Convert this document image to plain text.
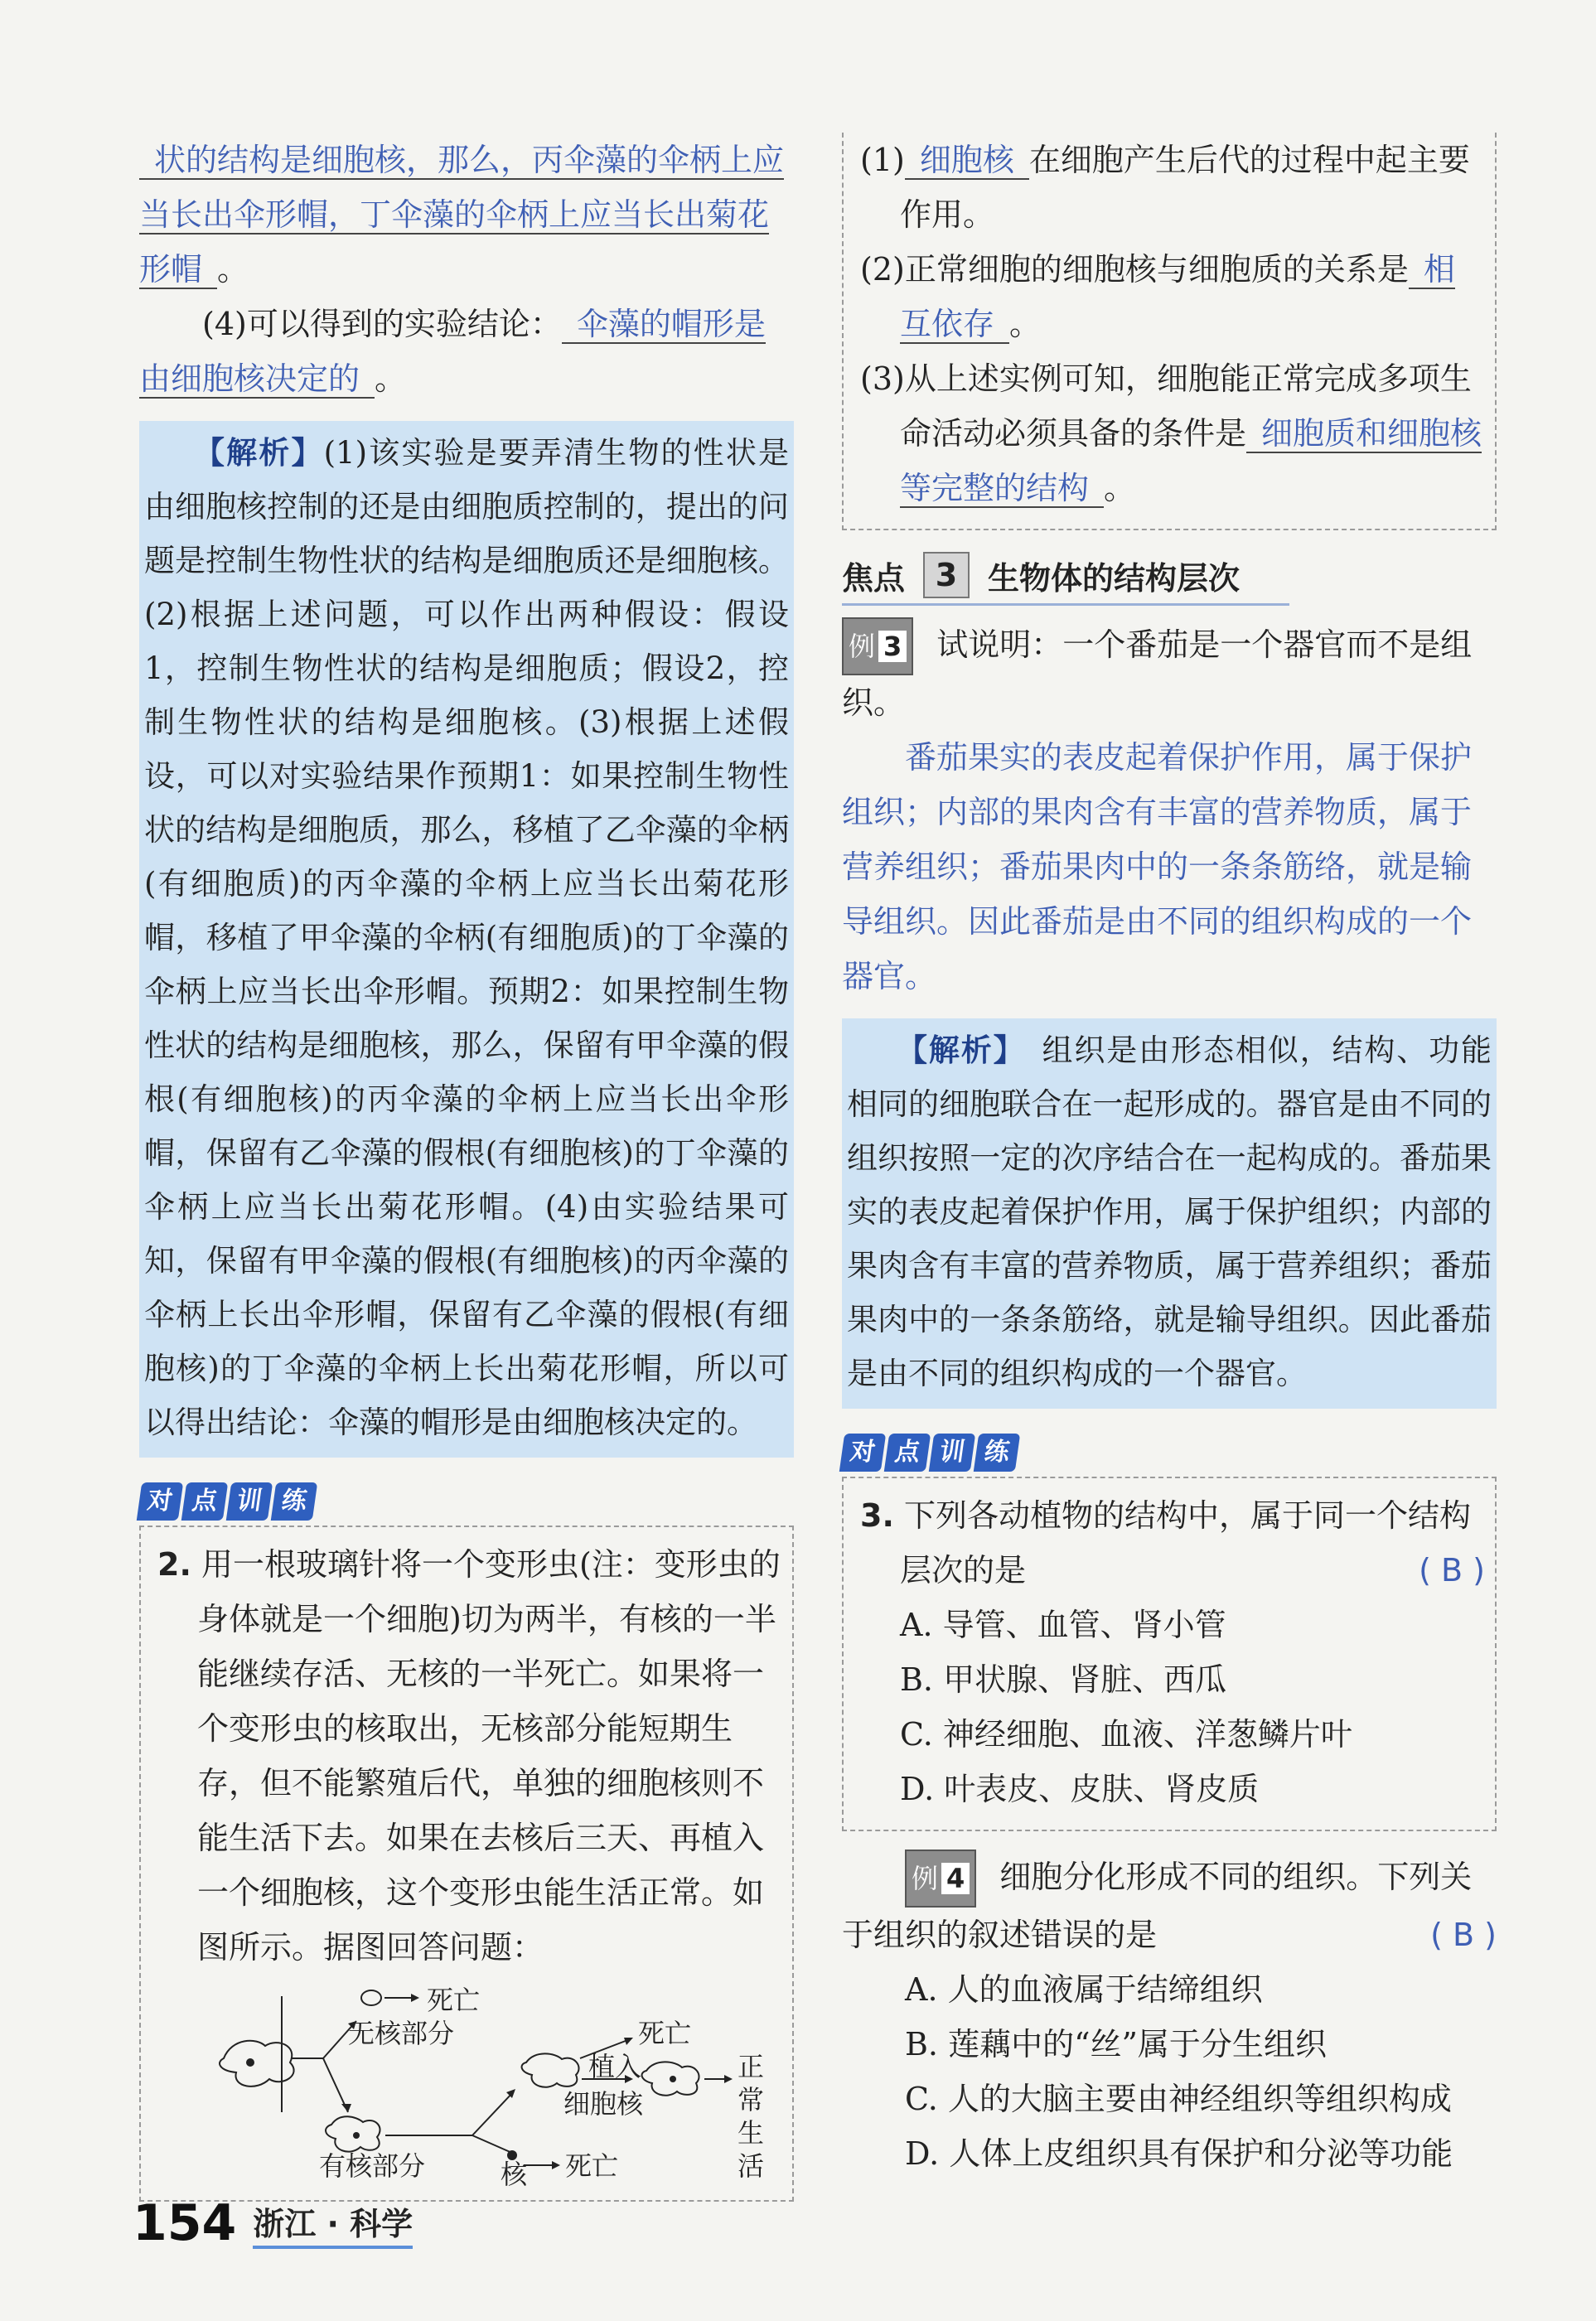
状的结构是细胞核，那么，丙伞藻的伞柄上应当长出伞形帽，丁伞藻的伞柄上应当长出菊花形帽 。

(4)可以得到的实验结论： 伞藻的帽形是由细胞核决定的 。

【解析】(1)该实验是要弄清生物的性状是由细胞核控制的还是由细胞质控制的，提出的问题是控制生物性状的结构是细胞质还是细胞核。(2)根据上述问题，可以作出两种假设：假设1，控制生物性状的结构是细胞质；假设2，控制生物性状的结构是细胞核。(3)根据上述假设，可以对实验结果作预期1：如果控制生物性状的结构是细胞质，那么，移植了乙伞藻的伞柄(有细胞质)的丙伞藻的伞柄上应当长出菊花形帽，移植了甲伞藻的伞柄(有细胞质)的丁伞藻的伞柄上应当长出伞形帽。预期2：如果控制生物性状的结构是细胞核，那么，保留有甲伞藻的假根(有细胞核)的丙伞藻的伞柄上应当长出伞形帽，保留有乙伞藻的假根(有细胞核)的丁伞藻的伞柄上应当长出菊花形帽。(4)由实验结果可知，保留有甲伞藻的假根(有细胞核)的丙伞藻的伞柄上长出伞形帽，保留有乙伞藻的假根(有细胞核)的丁伞藻的伞柄上长出菊花形帽，所以可以得出结论：伞藻的帽形是由细胞核决定的。
对 点 训 练

2. 用一根玻璃针将一个变形虫(注：变形虫的身体就是一个细胞)切为两半，有核的一半能继续存活、无核的一半死亡。如果将一个变形虫的核取出，无核部分能短期生存，但不能繁殖后代，单独的细胞核则不能生活下去。如果在去核后三天、再植入一个细胞核，这个变形虫能生活正常。如图所示。据图回答问题：

死亡
无核部分	死亡
植入
细胞核
正常生活
有核部分	核 死亡

(1) 细胞核 在细胞产生后代的过程中起主要作用。

(2)正常细胞的细胞核与细胞质的关系是 相互依存 。

(3)从上述实例可知，细胞能正常完成多项生命活动必须具备的条件是 细胞质和细胞核等完整的结构 。

焦点 3 生物体的结构层次

例 3 试说明：一个番茄是一个器官而不是组织。

番茄果实的表皮起着保护作用，属于保护组织；内部的果肉含有丰富的营养物质，属于营养组织；番茄果肉中的一条条筋络，就是输导组织。因此番茄是由不同的组织构成的一个器官。

【解析】 组织是由形态相似，结构、功能相同的细胞联合在一起形成的。器官是由不同的组织按照一定的次序结合在一起构成的。番茄果实的表皮起着保护作用，属于保护组织；内部的果肉含有丰富的营养物质，属于营养组织；番茄果肉中的一条条筋络，就是输导组织。因此番茄是由不同的组织构成的一个器官。
对 点 训 练

3. 下列各动植物的结构中，属于同一个结构层次的是	( B )

A. 导管、血管、肾小管

B. 甲状腺、肾脏、西瓜

C. 神经细胞、血液、洋葱鳞片叶

D. 叶表皮、皮肤、肾皮质

例 4 细胞分化形成不同的组织。下列关于组织的叙述错误的是	( B )

A. 人的血液属于结缔组织

B. 莲藕中的“丝”属于分生组织

C. 人的大脑主要由神经组织等组织构成

D. 人体上皮组织具有保护和分泌等功能

154 浙江 · 科学
